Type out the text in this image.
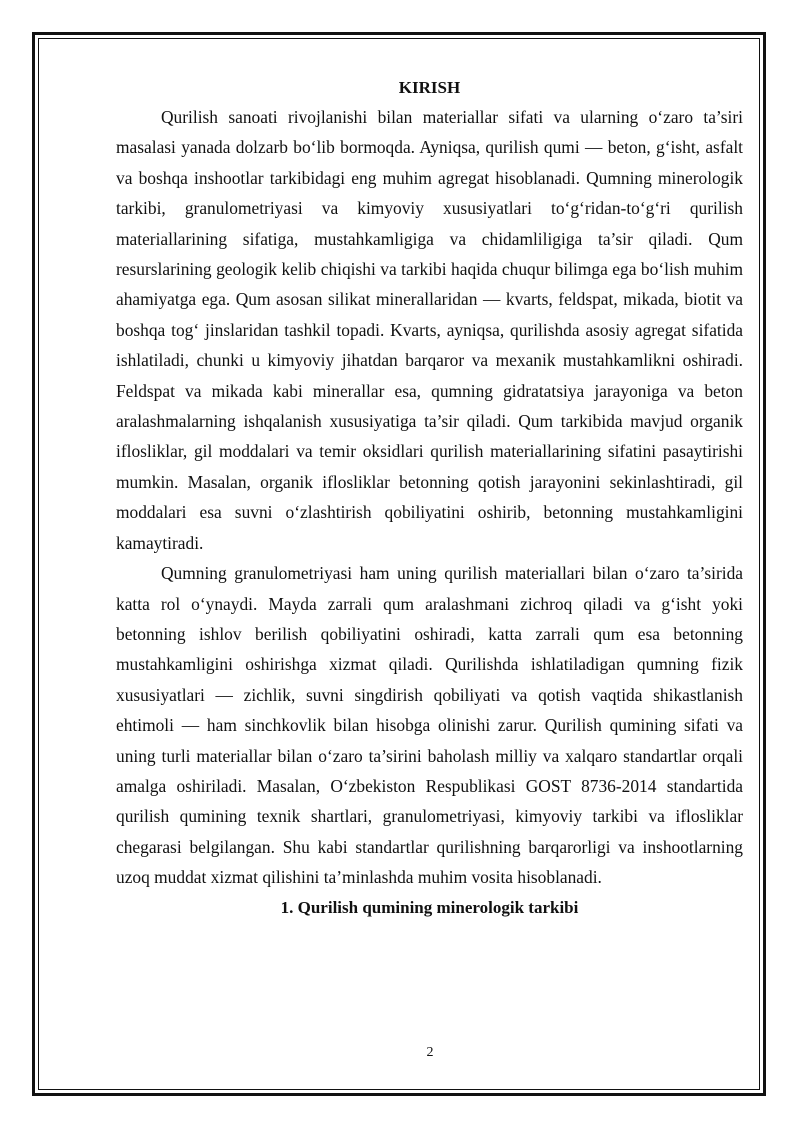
KIRISH

Qurilish sanoati rivojlanishi bilan materiallar sifati va ularning o‘zaro ta’siri masalasi yanada dolzarb bo‘lib bormoqda. Ayniqsa, qurilish qumi — beton, g‘isht, asfalt va boshqa inshootlar tarkibidagi eng muhim agregat hisoblanadi. Qumning minerologik tarkibi, granulometriyasi va kimyoviy xususiyatlari to‘g‘ridan-to‘g‘ri qurilish materiallarining sifatiga, mustahkamligiga va chidamliligiga ta’sir qiladi. Qum resurslarining geologik kelib chiqishi va tarkibi haqida chuqur bilimga ega bo‘lish muhim ahamiyatga ega. Qum asosan silikat minerallaridan — kvarts, feldspat, mikada, biotit va boshqa tog‘ jinslaridan tashkil topadi. Kvarts, ayniqsa, qurilishda asosiy agregat sifatida ishlatiladi, chunki u kimyoviy jihatdan barqaror va mexanik mustahkamlikni oshiradi. Feldspat va mikada kabi minerallar esa, qumning gidratatsiya jarayoniga va beton aralashmalarning ishqalanish xususiyatiga ta’sir qiladi. Qum tarkibida mavjud organik iflosliklar, gil moddalari va temir oksidlari qurilish materiallarining sifatini pasaytirishi mumkin. Masalan, organik iflosliklar betonning qotish jarayonini sekinlashtiradi, gil moddalari esa suvni o‘zlashtirish qobiliyatini oshirib, betonning mustahkamligini kamaytiradi.

Qumning granulometriyasi ham uning qurilish materiallari bilan o‘zaro ta’sirida katta rol o‘ynaydi. Mayda zarrali qum aralashmani zichroq qiladi va g‘isht yoki betonning ishlov berilish qobiliyatini oshiradi, katta zarrali qum esa betonning mustahkamligini oshirishga xizmat qiladi. Qurilishda ishlatiladigan qumning fizik xususiyatlari — zichlik, suvni singdirish qobiliyati va qotish vaqtida shikastlanish ehtimoli — ham sinchkovlik bilan hisobga olinishi zarur. Qurilish qumining sifati va uning turli materiallar bilan o‘zaro ta’sirini baholash milliy va xalqaro standartlar orqali amalga oshiriladi. Masalan, O‘zbekiston Respublikasi GOST 8736-2014 standartida qurilish qumining texnik shartlari, granulometriyasi, kimyoviy tarkibi va iflosliklar chegarasi belgilangan. Shu kabi standartlar qurilishning barqarorligi va inshootlarning uzoq muddat xizmat qilishini ta’minlashda muhim vosita hisoblanadi.

1. Qurilish qumining minerologik tarkibi
2
